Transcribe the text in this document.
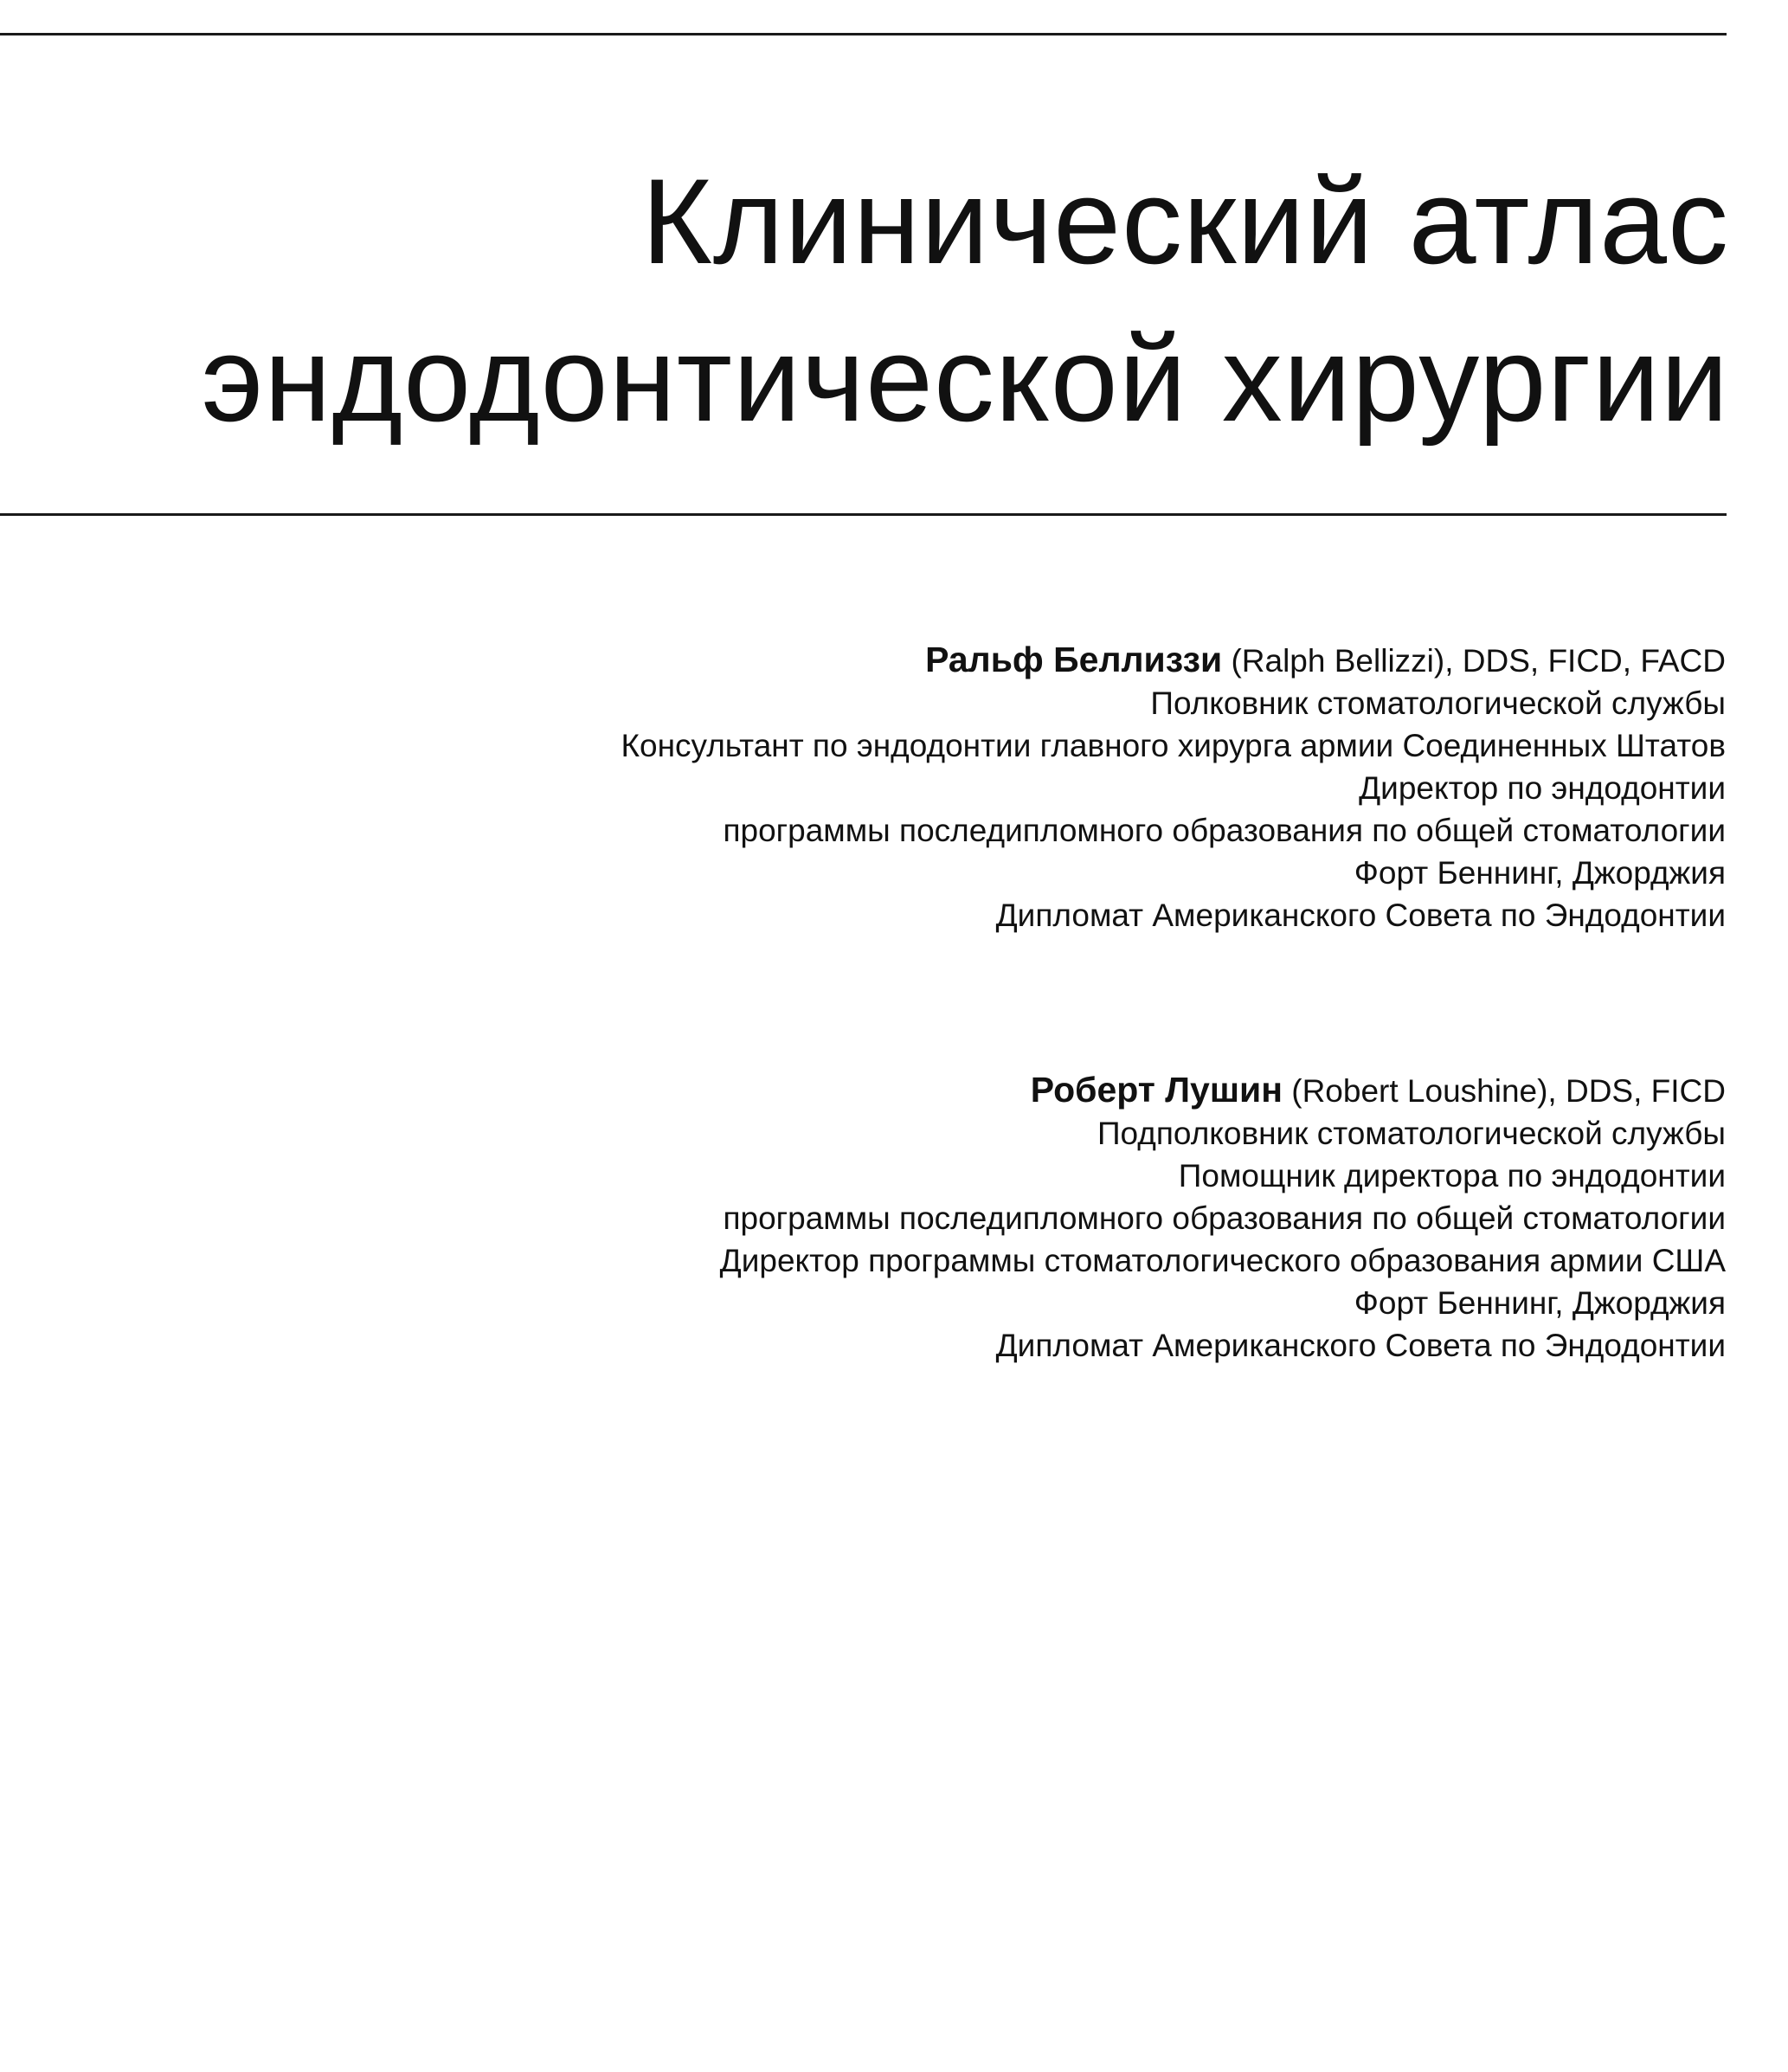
Клинический атлас
эндодонтической хирургии
Ральф Беллиззи (Ralph Bellizzi), DDS, FICD, FACD
Полковник стоматологической службы
Консультант по эндодонтии главного хирурга армии Соединенных Штатов
Директор по эндодонтии
программы последипломного образования по общей стоматологии
Форт Беннинг, Джорджия
Дипломат Американского Совета по Эндодонтии
Роберт Лушин (Robert Loushine), DDS, FICD
Подполковник стоматологической службы
Помощник директора по эндодонтии
программы последипломного образования по общей стоматологии
Директор программы стоматологического образования армии США
Форт Беннинг, Джорджия
Дипломат Американского Совета по Эндодонтии
